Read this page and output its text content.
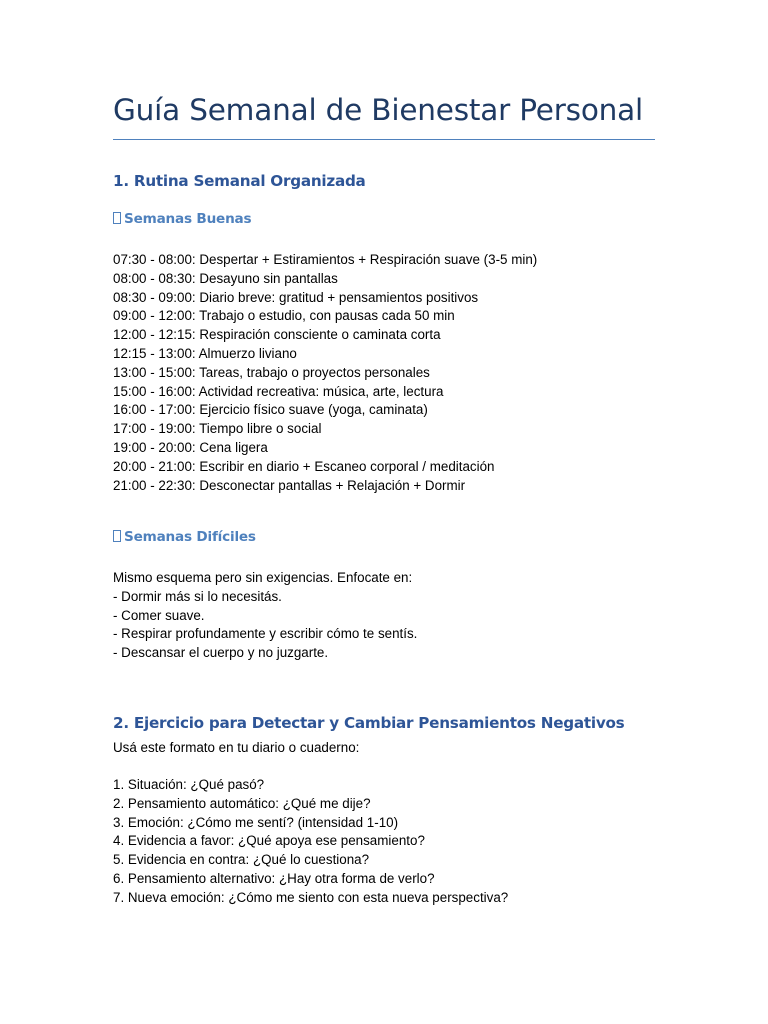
Guía Semanal de Bienestar Personal
1. Rutina Semanal Organizada
Semanas Buenas
07:30 - 08:00: Despertar + Estiramientos + Respiración suave (3-5 min)
08:00 - 08:30: Desayuno sin pantallas
08:30 - 09:00: Diario breve: gratitud + pensamientos positivos
09:00 - 12:00: Trabajo o estudio, con pausas cada 50 min
12:00 - 12:15: Respiración consciente o caminata corta
12:15 - 13:00: Almuerzo liviano
13:00 - 15:00: Tareas, trabajo o proyectos personales
15:00 - 16:00: Actividad recreativa: música, arte, lectura
16:00 - 17:00: Ejercicio físico suave (yoga, caminata)
17:00 - 19:00: Tiempo libre o social
19:00 - 20:00: Cena ligera
20:00 - 21:00: Escribir en diario + Escaneo corporal / meditación
21:00 - 22:30: Desconectar pantallas + Relajación + Dormir
Semanas Difíciles
Mismo esquema pero sin exigencias. Enfocate en:
- Dormir más si lo necesitás.
- Comer suave.
- Respirar profundamente y escribir cómo te sentís.
- Descansar el cuerpo y no juzgarte.
2. Ejercicio para Detectar y Cambiar Pensamientos Negativos
Usá este formato en tu diario o cuaderno:
1. Situación: ¿Qué pasó?
2. Pensamiento automático: ¿Qué me dije?
3. Emoción: ¿Cómo me sentí? (intensidad 1-10)
4. Evidencia a favor: ¿Qué apoya ese pensamiento?
5. Evidencia en contra: ¿Qué lo cuestiona?
6. Pensamiento alternativo: ¿Hay otra forma de verlo?
7. Nueva emoción: ¿Cómo me siento con esta nueva perspectiva?
